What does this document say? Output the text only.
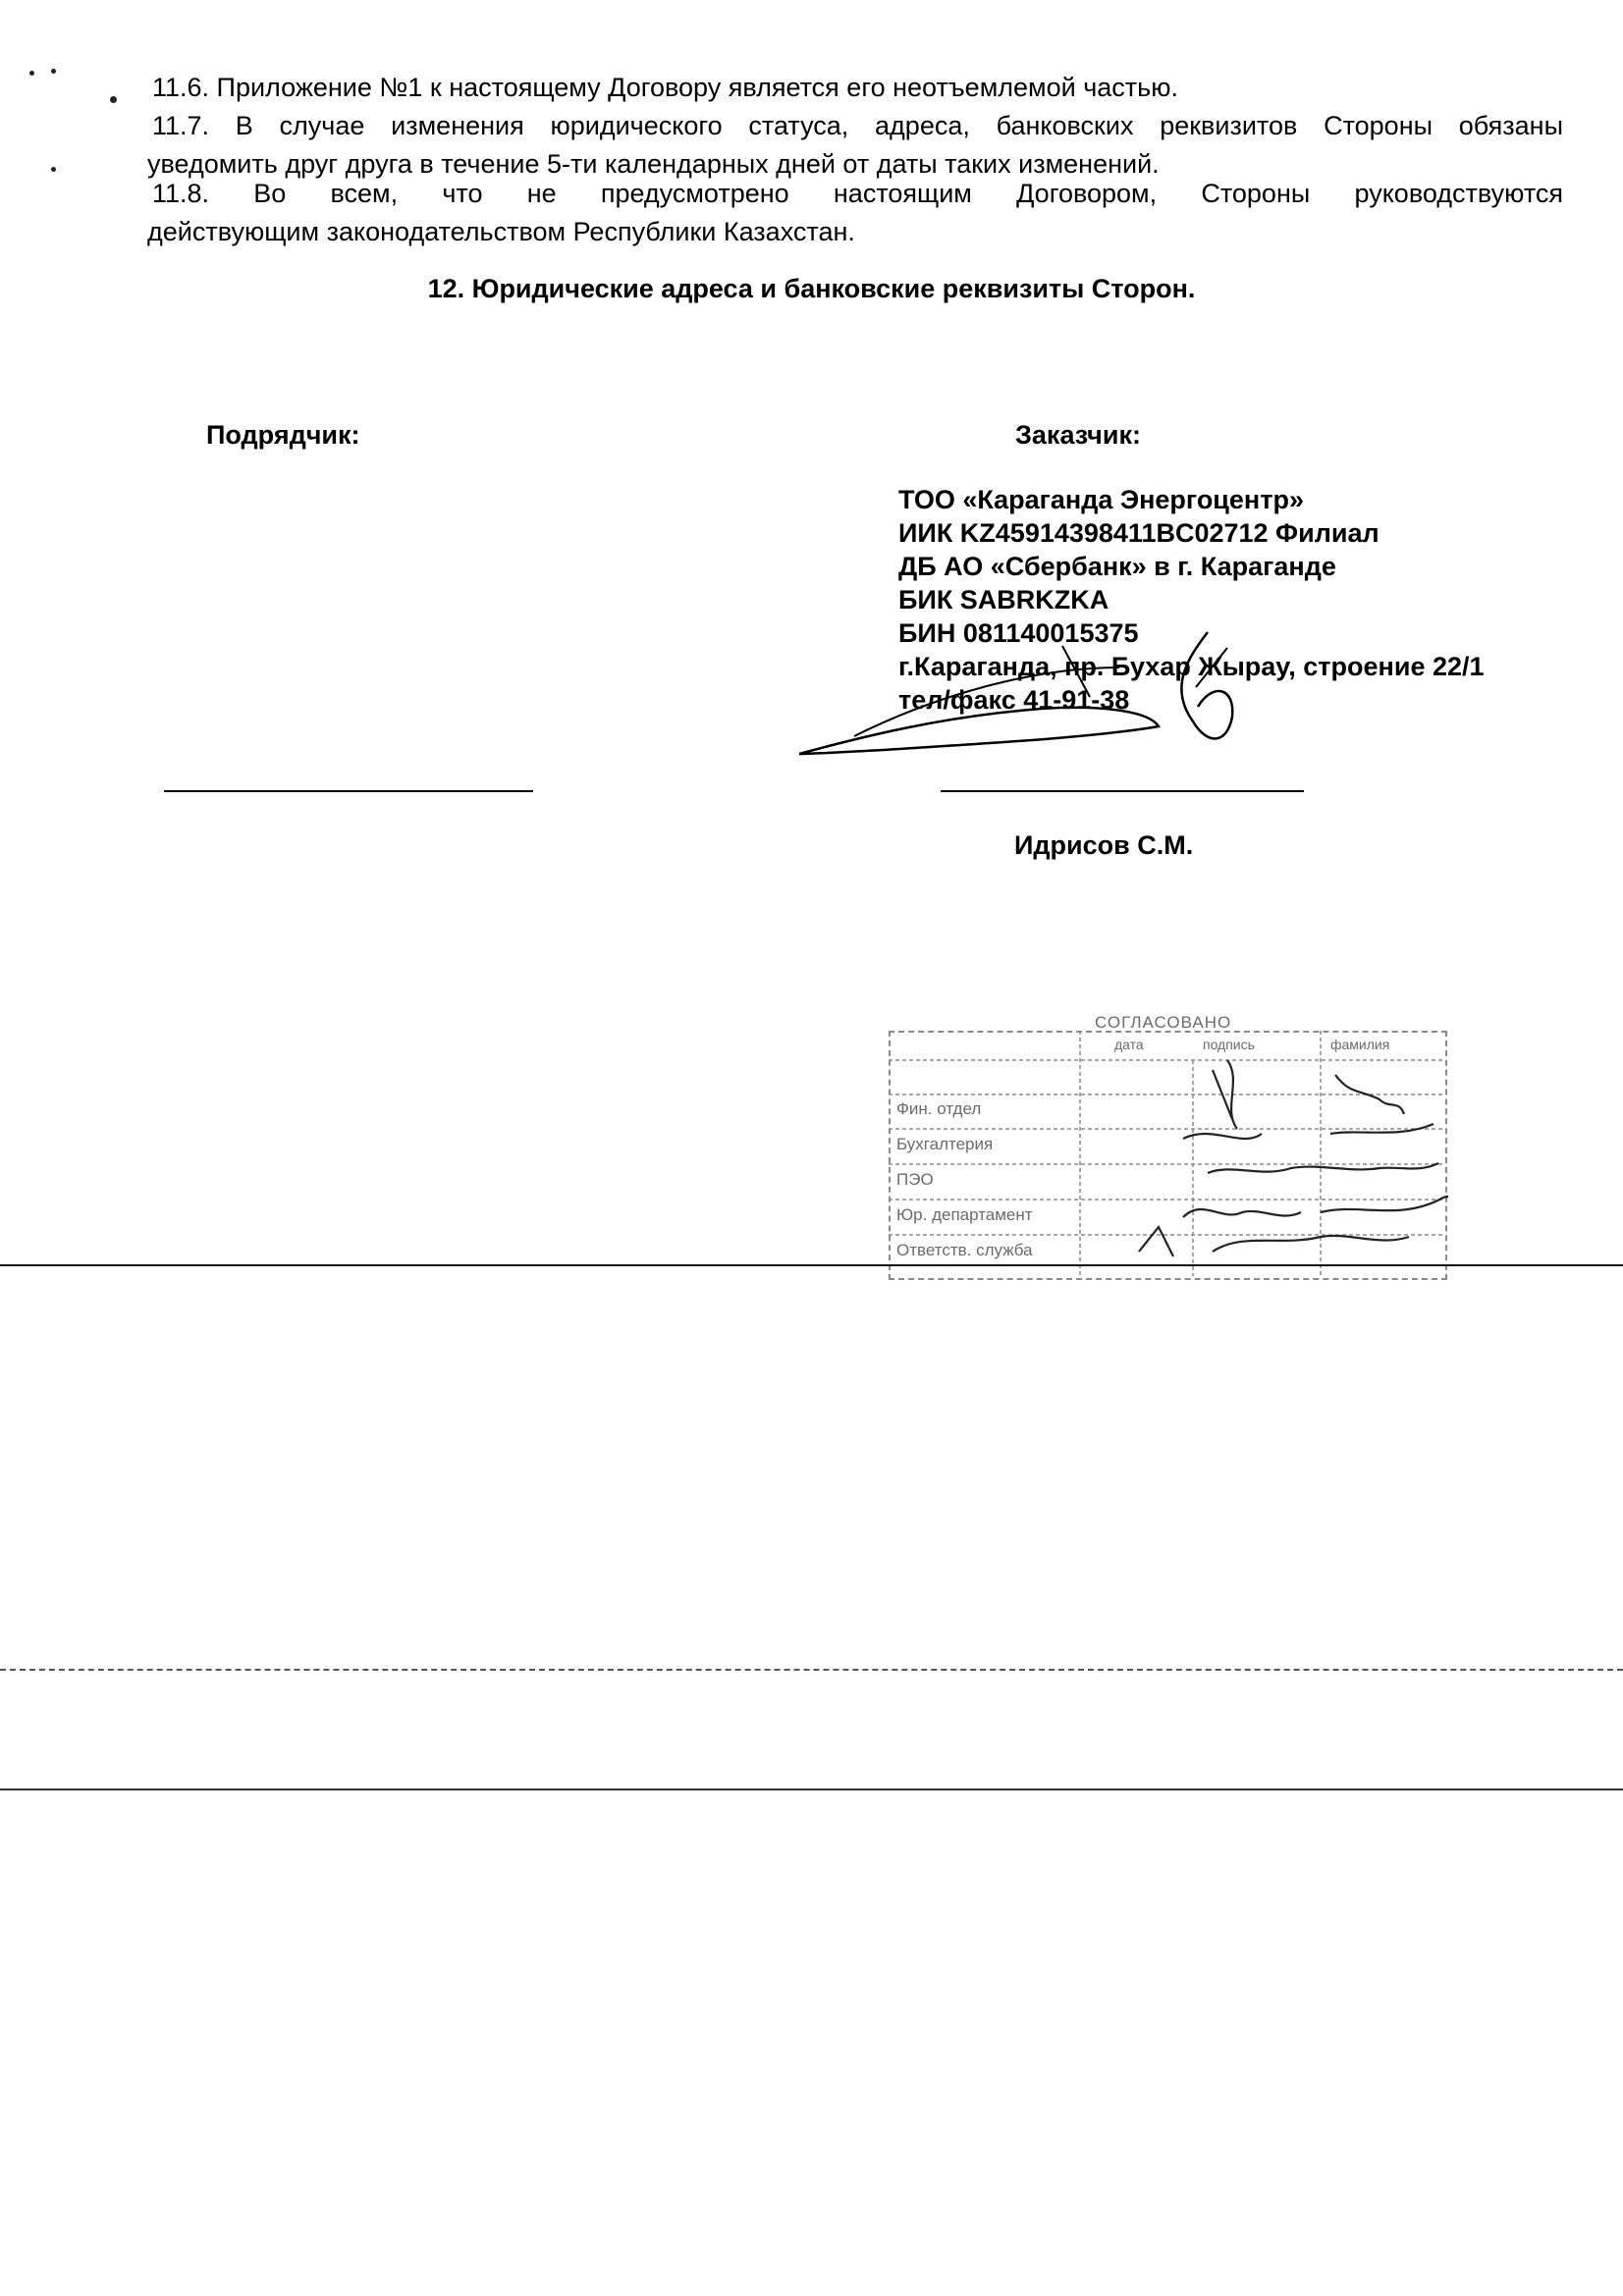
11.6. Приложение №1 к настоящему Договору является его неотъемлемой частью.
11.7. В случае изменения юридического статуса, адреса, банковских реквизитов Стороны обязаны
уведомить друг друга в течение 5-ти календарных дней от даты таких изменений.
11.8. Во всем, что не предусмотрено настоящим Договором, Стороны руководствуются
действующим законодательством Республики Казахстан.
12. Юридические адреса и банковские реквизиты Сторон.
Подрядчик:	Заказчик:
ТОО «Караганда Энергоцентр»
ИИК KZ45914398411BC02712 Филиал
ДБ АО «Сбербанк» в г. Караганде
БИК SABRKZKA
БИН 081140015375
г.Караганда, пр. Бухар Жырау, строение 22/1
тел/факс 41-91-38
Идрисов С.М.
СОГЛАСОВАНО
дата	подпись	фамилия
Фин. отдел
Бухгалтерия
ПЭО
Юр. департамент
Ответств. служба
